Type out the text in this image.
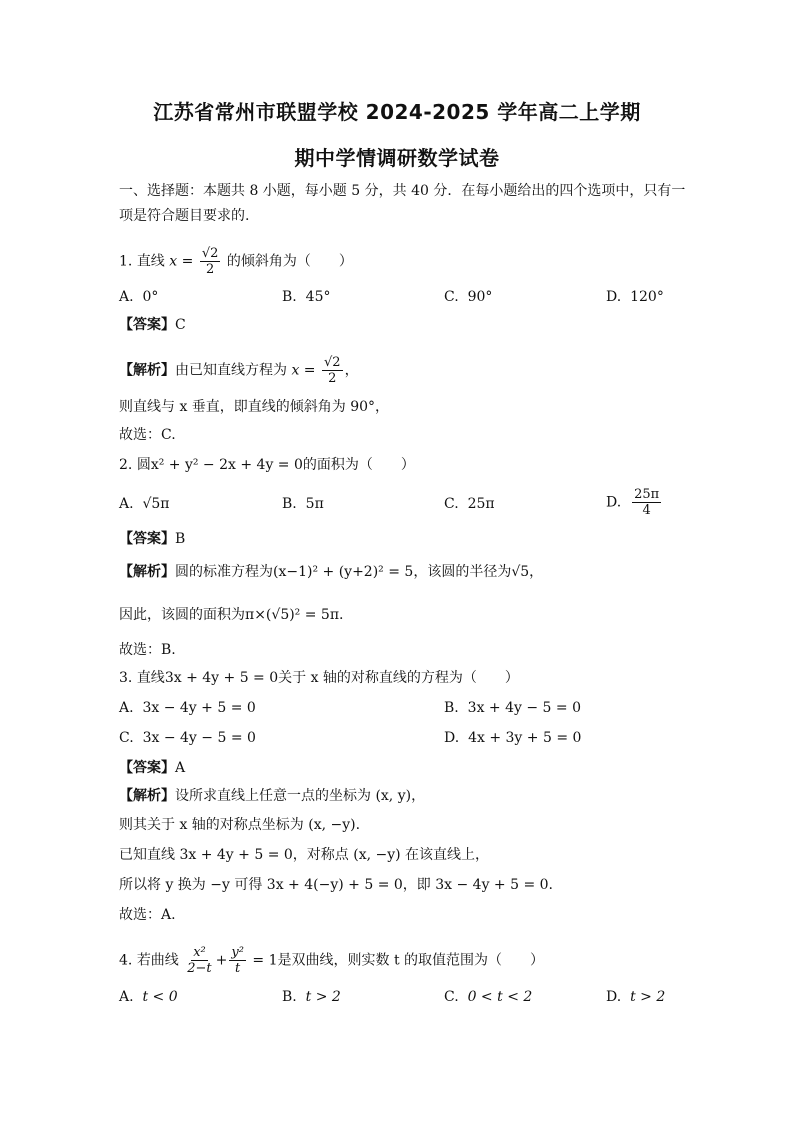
江苏省常州市联盟学校 2024-2025 学年高二上学期
期中学情调研数学试卷
一、选择题：本题共 8 小题，每小题 5 分，共 40 分．在每小题给出的四个选项中，只有一
项是符合题目要求的.
1. 直线 $x = \frac{√2}{2}$ 的倾斜角为（　　）
A. 0°	B. 45°	C. 90°	D. 120°
【答案】C
【解析】由已知直线方程为 $x = \frac{√2}{2}$ ，
则直线与 x 垂直，即直线的倾斜角为 90°，
故选：C.
2. 圆x² + y² − 2x + 4y = 0的面积为（　　）
A. √5π	B. 5π	C. 25π	D. $\frac{25\pi}{4}$
【答案】B
【解析】圆的标准方程为(x−1)² + (y+2)² = 5，该圆的半径为√5，
因此，该圆的面积为π×(√5)² = 5π.
故选：B.
3. 直线3x + 4y + 5 = 0关于 x 轴的对称直线的方程为（　　）
A. 3x − 4y + 5 = 0	B. 3x + 4y − 5 = 0
C. 3x − 4y − 5 = 0	D. 4x + 3y + 5 = 0
【答案】A
【解析】设所求直线上任意一点的坐标为 (x, y)，
则其关于 x 轴的对称点坐标为 (x, −y).
已知直线 3x + 4y + 5 = 0，对称点 (x, −y) 在该直线上，
所以将 y 换为 −y 可得 3x + 4(−y) + 5 = 0，即 3x − 4y + 5 = 0.
故选：A.
4. 若曲线 $\frac{\text{x²}}{2-t} + \frac{\text{y²}}{t} = 1$是双曲线，则实数 t 的取值范围为（　　）
A. t < 0	B. t > 2	C. 0 < t < 2	D. t > 2
